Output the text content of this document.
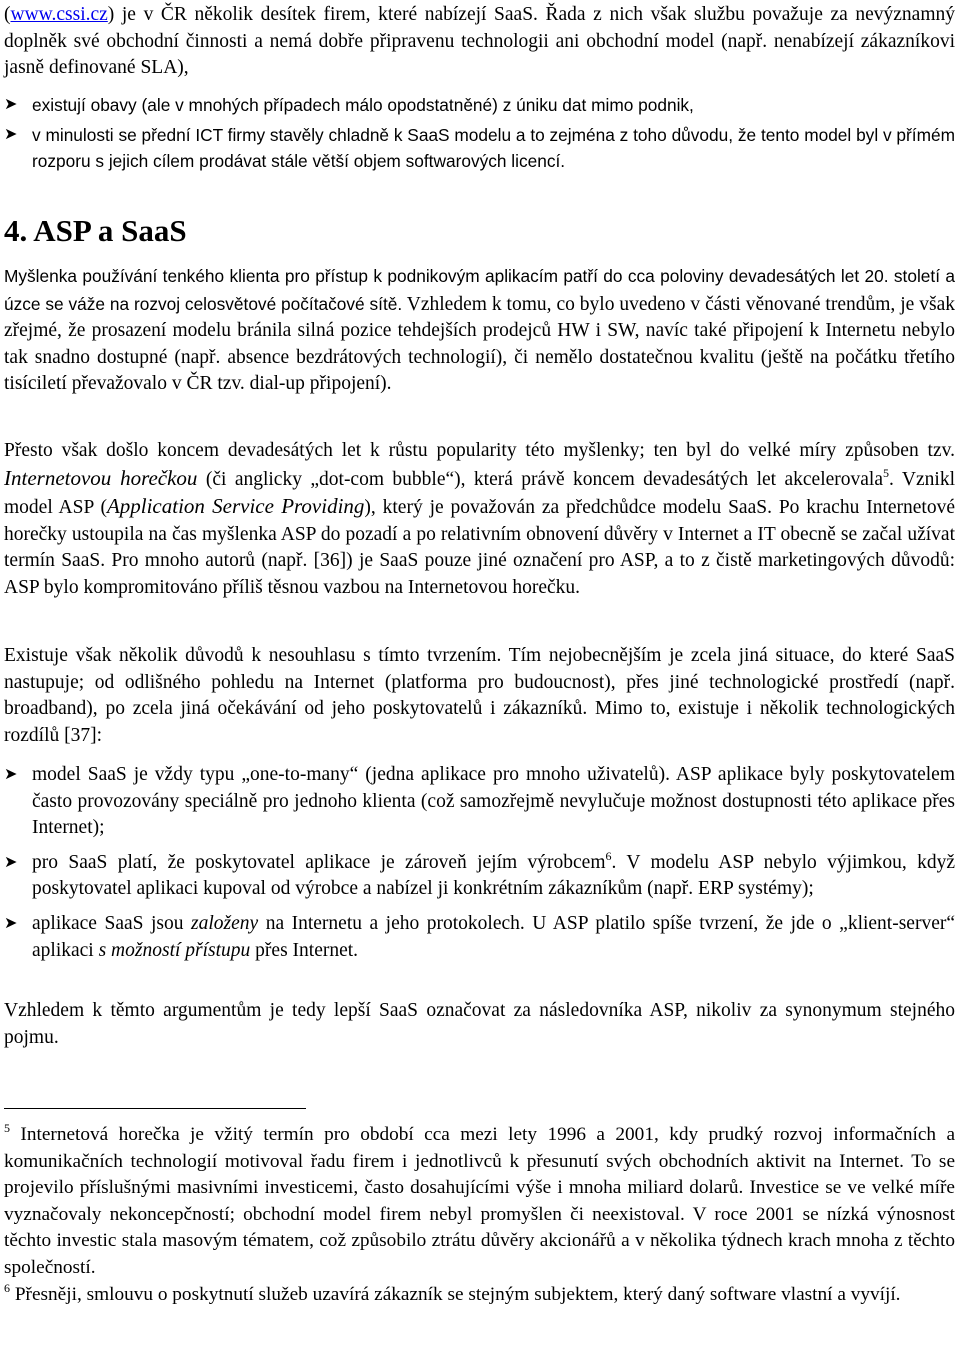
(www.cssi.cz) je v ČR několik desítek firem, které nabízejí SaaS. Řada z nich však službu považuje za nevýznamný doplněk své obchodní činnosti a nemá dobře připravenu technologii ani obchodní model (např. nenabízejí zákazníkovi jasně definované SLA),

➤ existují obavy (ale v mnohých případech málo opodstatněné) z úniku dat mimo podnik,

➤ v minulosti se přední ICT firmy stavěly chladně k SaaS modelu a to zejména z toho důvodu, že tento model byl v přímém rozporu s jejich cílem prodávat stále větší objem softwarových licencí.

4. ASP a SaaS

Myšlenka používání tenkého klienta pro přístup k podnikovým aplikacím patří do cca poloviny devadesátých let 20. století a úzce se váže na rozvoj celosvětové počítačové sítě. Vzhledem k tomu, co bylo uvedeno v části věnované trendům, je však zřejmé, že prosazení modelu bránila silná pozice tehdejších prodejců HW i SW, navíc také připojení k Internetu nebylo tak snadno dostupné (např. absence bezdrátových technologií), či nemělo dostatečnou kvalitu (ještě na počátku třetího tisíciletí převažovalo v ČR tzv. dial-up připojení).

Přesto však došlo koncem devadesátých let k růstu popularity této myšlenky; ten byl do velké míry způsoben tzv. Internetovou horečkou (či anglicky „dot-com bubble“), která právě koncem devadesátých let akcelerovala$^5$. Vznikl model ASP (Application Service Providing), který je považován za předchůdce modelu SaaS. Po krachu Internetové horečky ustoupila na čas myšlenka ASP do pozadí a po relativním obnovení důvěry v Internet a IT obecně se začal užívat termín SaaS. Pro mnoho autorů (např. [36]) je SaaS pouze jiné označení pro ASP, a to z čistě marketingových důvodů: ASP bylo kompromitováno příliš těsnou vazbou na Internetovou horečku.

Existuje však několik důvodů k nesouhlasu s tímto tvrzením. Tím nejobecnějším je zcela jiná situace, do které SaaS nastupuje; od odlišného pohledu na Internet (platforma pro budoucnost), přes jiné technologické prostředí (např. broadband), po zcela jiná očekávání od jeho poskytovatelů i zákazníků. Mimo to, existuje i několik technologických rozdílů [37]:

➤ model SaaS je vždy typu „one-to-many“ (jedna aplikace pro mnoho uživatelů). ASP aplikace byly poskytovatelem často provozovány speciálně pro jednoho klienta (což samozřejmě nevylučuje možnost dostupnosti této aplikace přes Internet);

➤ pro SaaS platí, že poskytovatel aplikace je zároveň jejím výrobcem$^6$. V modelu ASP nebylo výjimkou, když poskytovatel aplikaci kupoval od výrobce a nabízel ji konkrétním zákazníkům (např. ERP systémy);

➤ aplikace SaaS jsou založeny na Internetu a jeho protokolech. U ASP platilo spíše tvrzení, že jde o „klient-server“ aplikaci s možností přístupu přes Internet.

Vzhledem k těmto argumentům je tedy lepší SaaS označovat za následovníka ASP, nikoliv za synonymum stejného pojmu.

$^5$ Internetová horečka je vžitý termín pro období cca mezi lety 1996 a 2001, kdy prudký rozvoj informačních a komunikačních technologií motivoval řadu firem i jednotlivců k přesunutí svých obchodních aktivit na Internet. To se projevilo příslušnými masivními investicemi, často dosahujícími výše i mnoha miliard dolarů. Investice se ve velké míře vyznačovaly nekoncepčností; obchodní model firem nebyl promyšlen či neexistoval. V roce 2001 se nízká výnosnost těchto investic stala masovým tématem, což způsobilo ztrátu důvěry akcionářů a v několika týdnech krach mnoha z těchto společností.

$^6$ Přesněji, smlouvu o poskytnutí služeb uzavírá zákazník se stejným subjektem, který daný software vlastní a vyvíjí.
